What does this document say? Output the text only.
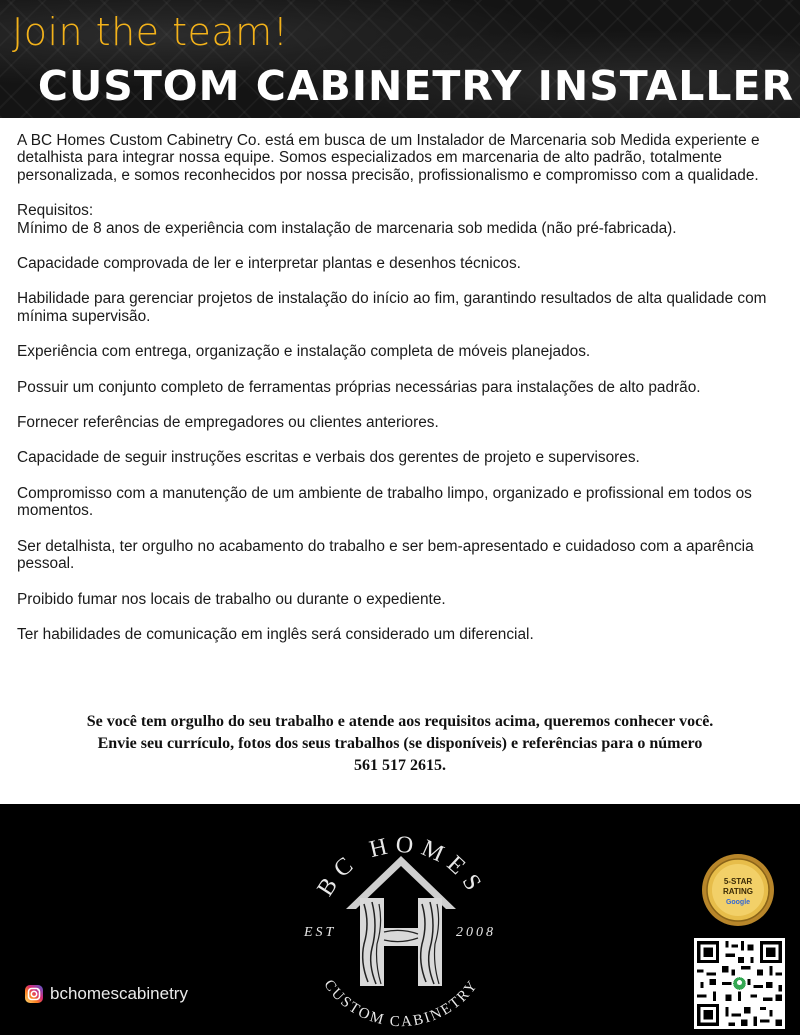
Join the team!
CUSTOM CABINETRY INSTALLER

A BC Homes Custom Cabinetry Co. está em busca de um Instalador de Marcenaria sob Medida experiente e detalhista para integrar nossa equipe. Somos especializados em marcenaria de alto padrão, totalmente personalizada, e somos reconhecidos por nossa precisão, profissionalismo e compromisso com a qualidade.

Requisitos:

Mínimo de 8 anos de experiência com instalação de marcenaria sob medida (não pré-fabricada).

Capacidade comprovada de ler e interpretar plantas e desenhos técnicos.

Habilidade para gerenciar projetos de instalação do início ao fim, garantindo resultados de alta qualidade com mínima supervisão.

Experiência com entrega, organização e instalação completa de móveis planejados.

Possuir um conjunto completo de ferramentas próprias necessárias para instalações de alto padrão.

Fornecer referências de empregadores ou clientes anteriores.

Capacidade de seguir instruções escritas e verbais dos gerentes de projeto e supervisores.

Compromisso com a manutenção de um ambiente de trabalho limpo, organizado e profissional em todos os momentos.

Ser detalhista, ter orgulho no acabamento do trabalho e ser bem-apresentado e cuidadoso com a aparência pessoal.

Proibido fumar nos locais de trabalho ou durante o expediente.

Ter habilidades de comunicação em inglês será considerado um diferencial.

Se você tem orgulho do seu trabalho e atende aos requisitos acima, queremos conhecer você.

Envie seu currículo, fotos dos seus trabalhos (se disponíveis) e referências para o número

561 517 2615.

BC HOMES
EST	2008
CUSTOM CABINETRY
5-STAR
RATING
Google
bchomescabinetry
